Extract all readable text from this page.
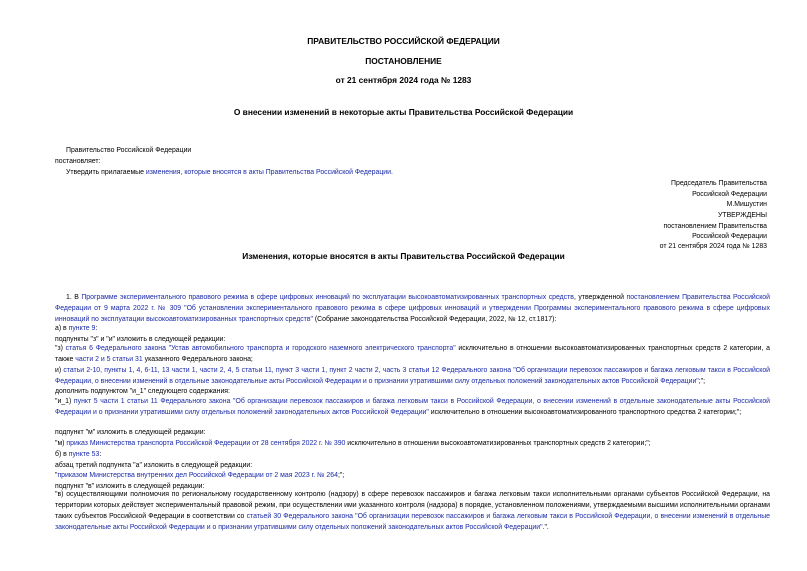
ПРАВИТЕЛЬСТВО РОССИЙСКОЙ ФЕДЕРАЦИИ
ПОСТАНОВЛЕНИЕ
от 21 сентября 2024 года № 1283
О внесении изменений в некоторые акты Правительства Российской Федерации
Правительство Российской Федерации
постановляет:
Утвердить прилагаемые изменения, которые вносятся в акты Правительства Российской Федерации.
Председатель Правительства
Российской Федерации
М.Мишустин
УТВЕРЖДЕНЫ
постановлением Правительства
Российской Федерации
от 21 сентября 2024 года № 1283
Изменения, которые вносятся в акты Правительства Российской Федерации
1. В Программе экспериментального правового режима в сфере цифровых инноваций по эксплуатации высокоавтоматизированных транспортных средств, утвержденной постановлением Правительства Российской Федерации от 9 марта 2022 г. № 309 "Об установлении экспериментального правового режима в сфере цифровых инноваций и утверждении Программы экспериментального правового режима в сфере цифровых инноваций по эксплуатации высокоавтоматизированных транспортных средств" (Собрание законодательства Российской Федерации, 2022, № 12, ст.1817):
а) в пункте 9:
подпункты "з" и "и" изложить в следующей редакции:
"з) статья 6 Федерального закона "Устав автомобильного транспорта и городского наземного электрического транспорта" исключительно в отношении высокоавтоматизированных транспортных средств 2 категории, а также части 2 и 5 статьи 31 указанного Федерального закона;
и) статьи 2-10, пункты 1, 4, 6-11, 13 части 1, части 2, 4, 5 статьи 11, пункт 3 части 1, пункт 2 части 2, часть 3 статьи 12 Федерального закона "Об организации перевозок пассажиров и багажа легковым такси в Российской Федерации, о внесении изменений в отдельные законодательные акты Российской Федерации и о признании утратившими силу отдельных положений законодательных актов Российской Федерации";";
дополнить подпунктом "и_1" следующего содержания:
"и_1) пункт 5 части 1 статьи 11 Федерального закона "Об организации перевозок пассажиров и багажа легковым такси в Российской Федерации, о внесении изменений в отдельные законодательные акты Российской Федерации и о признании утратившими силу отдельных положений законодательных актов Российской Федерации" исключительно в отношении высокоавтоматизированного транспортного средства 2 категории;";
подпункт "м" изложить в следующей редакции:
"м) приказ Министерства транспорта Российской Федерации от 28 сентября 2022 г. № 390 исключительно в отношении высокоавтоматизированных транспортных средств 2 категории;";
б) в пункте 53:
абзац третий подпункта "а" изложить в следующей редакции:
"приказом Министерства внутренних дел Российской Федерации от 2 мая 2023 г. № 264;";
подпункт "в" изложить в следующей редакции:
"в) осуществляющими полномочия по региональному государственному контролю (надзору) в сфере перевозок пассажиров и багажа легковым такси исполнительными органами субъектов Российской Федерации, на территории которых действует экспериментальный правовой режим, при осуществлении ими указанного контроля (надзора) в порядке, установленном положениями, утверждаемыми высшими исполнительными органами таких субъектов Российской Федерации в соответствии со статьей 30 Федерального закона "Об организации перевозок пассажиров и багажа легковым такси в Российской Федерации, о внесении изменений в отдельные законодательные акты Российской Федерации и о признании утратившими силу отдельных положений законодательных актов Российской Федерации".".
